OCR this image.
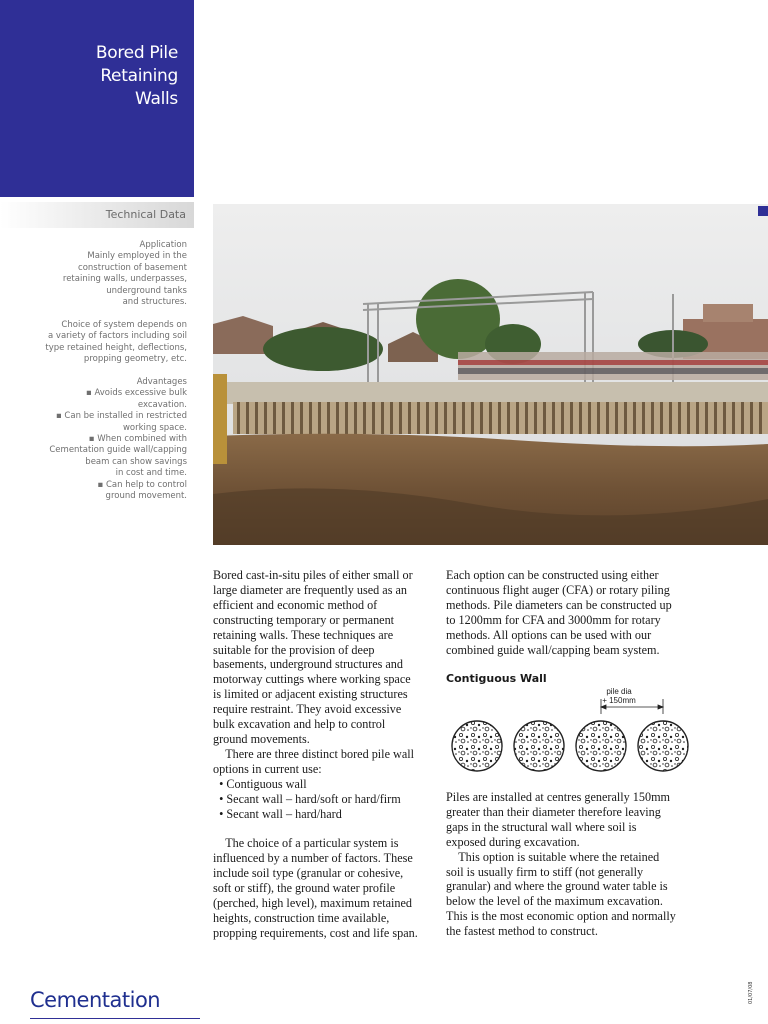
Bored Pile
Retaining
Walls
Technical Data
Application
Mainly employed in the
construction of basement
retaining walls, underpasses,
underground tanks
and structures.
Choice of system depends on
a variety of factors including soil
type retained height, deflections,
propping geometry, etc.
Advantages
▪ Avoids excessive bulk
excavation.
▪ Can be installed in restricted
working space.
▪ When combined with
Cementation guide wall/capping
beam can show savings
in cost and time.
▪ Can help to control
ground movement.
Bored cast-in-situ piles of either small or
large diameter are frequently used as an
efficient and economic method of
constructing temporary or permanent
retaining walls. These techniques are
suitable for the provision of deep
basements, underground structures and
motorway cuttings where working space
is limited or adjacent existing structures
require restraint. They avoid excessive
bulk excavation and help to control
ground movements.
There are three distinct bored pile wall
options in current use:
• Contiguous wall
• Secant wall – hard/soft or hard/firm
• Secant wall – hard/hard
The choice of a particular system is
influenced by a number of factors. These
include soil type (granular or cohesive,
soft or stiff), the ground water profile
(perched, high level), maximum retained
heights, construction time available,
propping requirements, cost and life span.
Each option can be constructed using either
continuous flight auger (CFA) or rotary piling
methods. Pile diameters can be constructed up
to 1200mm for CFA and 3000mm for rotary
methods. All options can be used with our
combined guide wall/capping beam system.
Contiguous Wall
pile dia
+ 150mm
Piles are installed at centres generally 150mm
greater than their diameter therefore leaving
gaps in the structural wall where soil is
exposed during excavation.
This option is suitable where the retained
soil is usually firm to stiff (not generally
granular) and where the ground water table is
below the level of the maximum excavation.
This is the most economic option and normally
the fastest method to construct.
Cementation	01/07/08
